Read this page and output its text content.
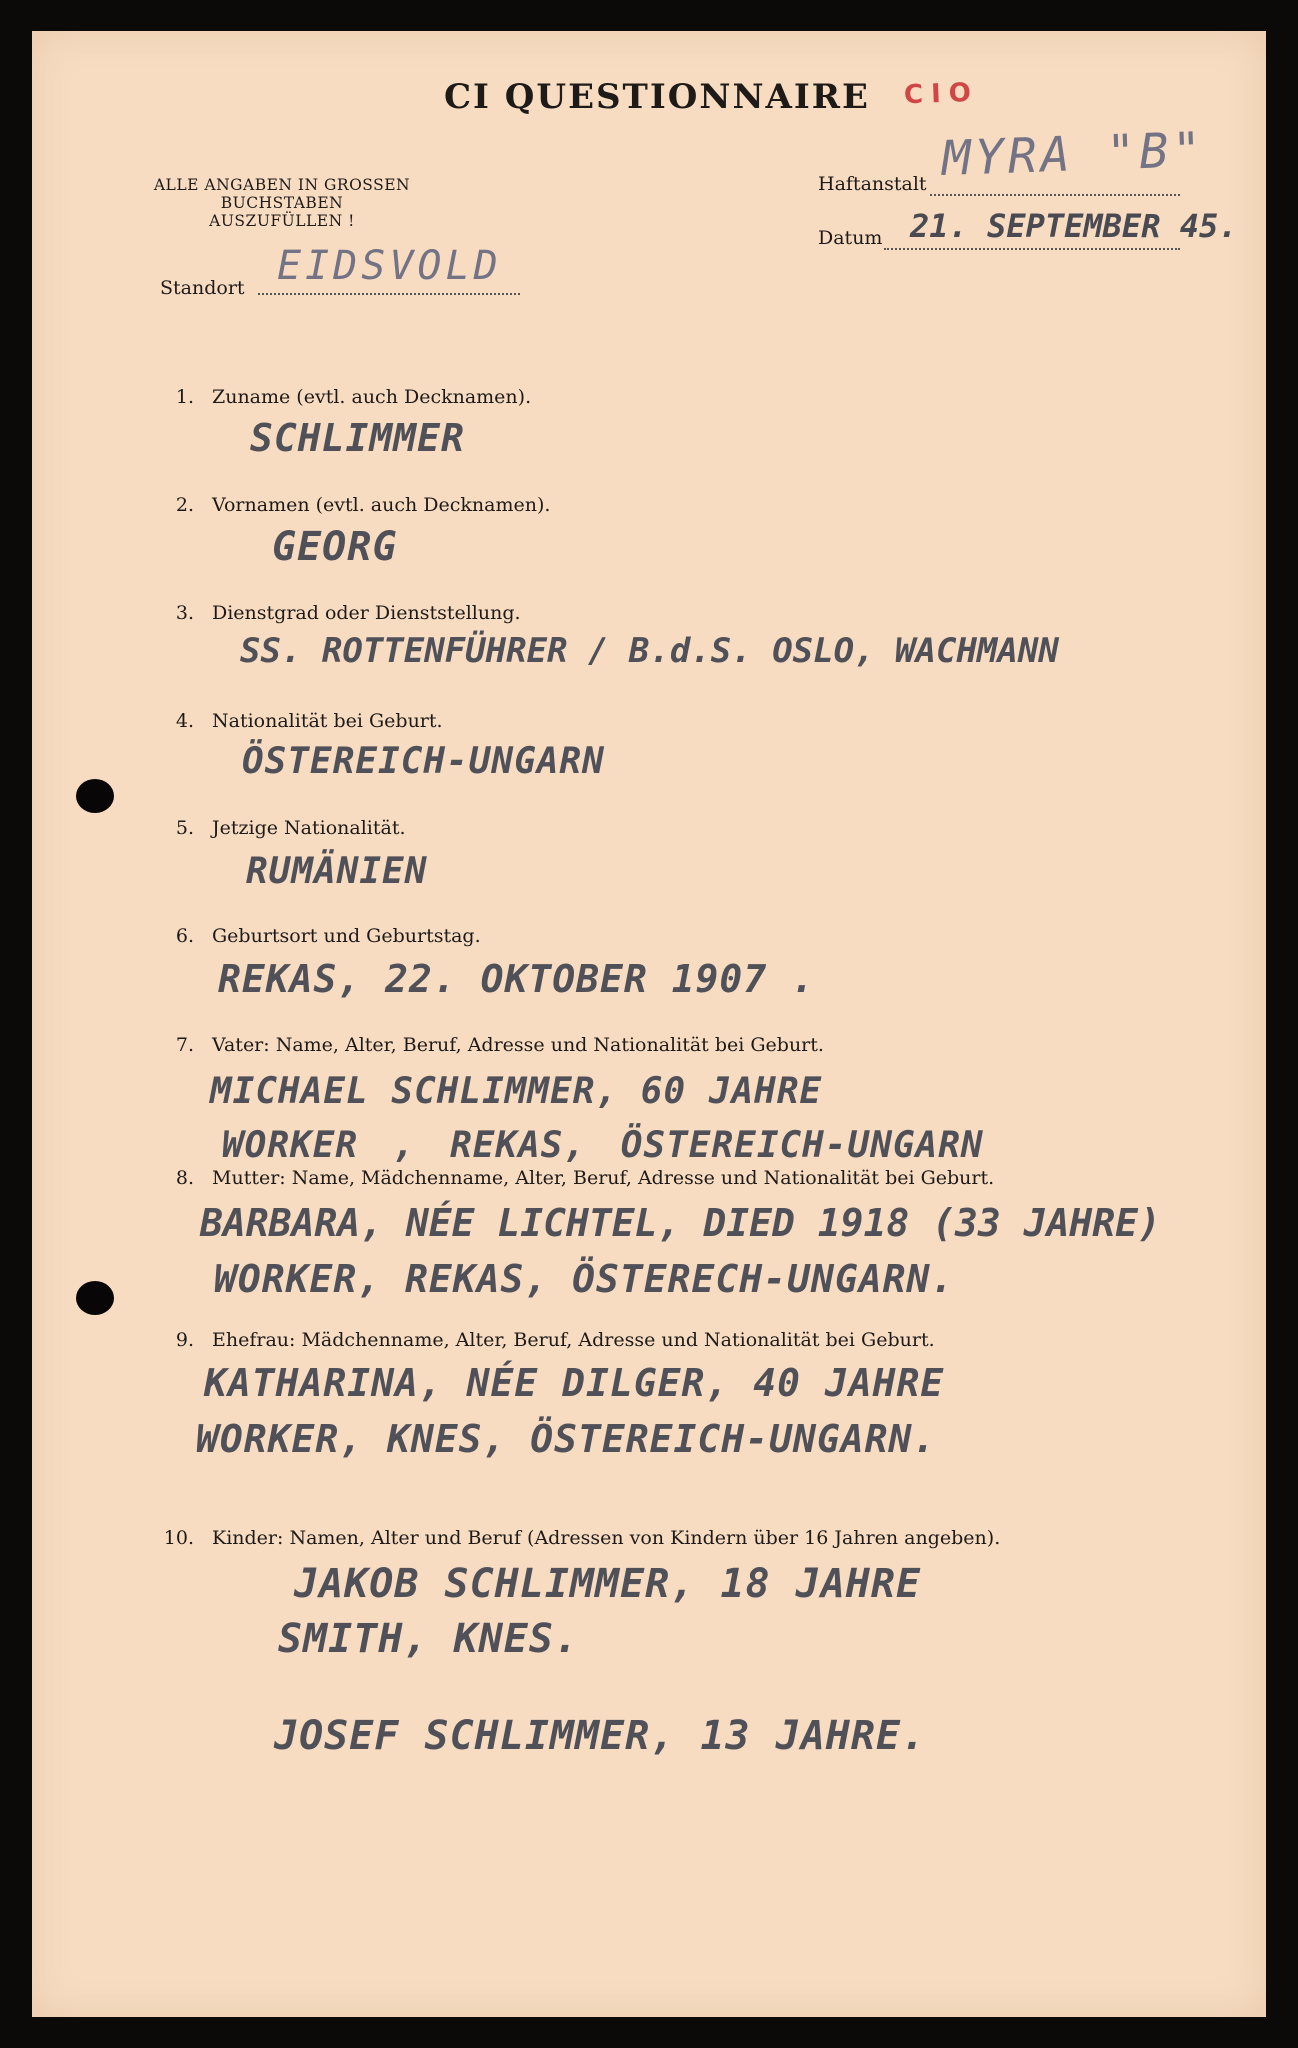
CI QUESTIONNAIRE CIO
ALLE ANGABEN IN GROSSEN BUCHSTABEN AUSZUFÜLLEN !
Haftanstalt MYRA "B"
Datum 21. SEPTEMBER 45.
Standort EIDSVOLD
1. Zuname (evtl. auch Decknamen).
SCHLIMMER
2. Vornamen (evtl. auch Decknamen).
GEORG
3. Dienstgrad oder Dienststellung.
SS. ROTTENFÜHRER / B.d.S. OSLO, WACHMANN
4. Nationalität bei Geburt.
ÖSTEREICH-UNGARN
5. Jetzige Nationalität.
RUMÄNIEN
6. Geburtsort und Geburtstag.
REKAS, 22. OKTOBER 1907 .
7. Vater: Name, Alter, Beruf, Adresse und Nationalität bei Geburt.
MICHAEL SCHLIMMER, 60 JAHRE
WORKER , REKAS, ÖSTEREICH-UNGARN
8. Mutter: Name, Mädchenname, Alter, Beruf, Adresse und Nationalität bei Geburt.
BARBARA, NÉE LICHTEL, DIED 1918 (33 JAHRE)
WORKER, REKAS, ÖSTERECH-UNGARN.
9. Ehefrau: Mädchenname, Alter, Beruf, Adresse und Nationalität bei Geburt.
KATHARINA, NÉE DILGER, 40 JAHRE
WORKER, KNES, ÖSTEREICH-UNGARN.
10. Kinder: Namen, Alter und Beruf (Adressen von Kindern über 16 Jahren angeben).
JAKOB SCHLIMMER, 18 JAHRE
SMITH, KNES.
JOSEF SCHLIMMER, 13 JAHRE.
